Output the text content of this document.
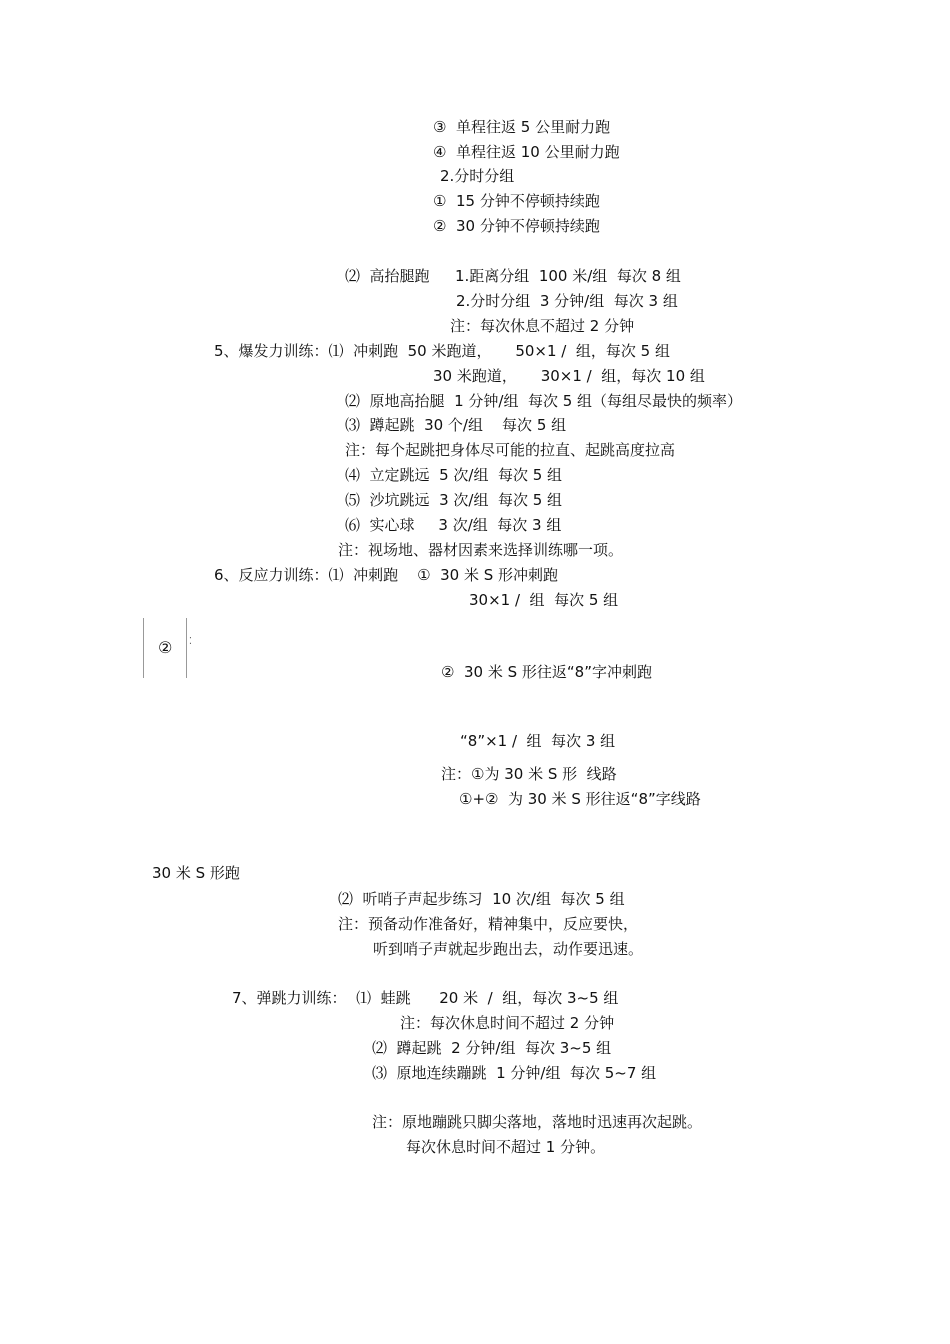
③  单程往返 5 公里耐力跑
④  单程往返 10 公里耐力跑
2.分时分组
①  15 分钟不停顿持续跑
②  30 分钟不停顿持续跑
⑵  高抬腿跑 1.距离分组  100 米/组  每次 8 组
2.分时分组  3 分钟/组  每次 3 组
注：每次休息不超过 2 分钟
5、爆发力训练：⑴  冲刺跑  50 米跑道，     50×1 /  组，每次 5 组
30 米跑道，     30×1 /  组，每次 10 组
⑵  原地高抬腿  1 分钟/组  每次 5 组（每组尽最快的频率）
⑶  蹲起跳  30 个/组    每次 5 组
注：每个起跳把身体尽可能的拉直、起跳高度拉高
⑷  立定跳远  5 次/组  每次 5 组
⑸  沙坑跳远  3 次/组  每次 5 组
⑹  实心球     3 次/组  每次 3 组
注：视场地、器材因素来选择训练哪一项。
6、反应力训练：⑴  冲刺跑    ①  30 米 S 形冲刺跑
30×1 /  组  每次 5 组
② ⁚
②  30 米 S 形往返“8”字冲刺跑
“8”×1 /  组  每次 3 组
注：①为 30 米 S 形  线路
①+②  为 30 米 S 形往返“8”字线路
30 米 S 形跑
⑵  听哨子声起步练习  10 次/组  每次 5 组
注：预备动作准备好，精神集中，反应要快，
听到哨子声就起步跑出去，动作要迅速。
7、弹跳力训练：  ⑴  蛙跳      20 米  /  组，每次 3~5 组
注：每次休息时间不超过 2 分钟
⑵  蹲起跳  2 分钟/组  每次 3~5 组
⑶  原地连续蹦跳  1 分钟/组  每次 5~7 组
注：原地蹦跳只脚尖落地，落地时迅速再次起跳。
每次休息时间不超过 1 分钟。
